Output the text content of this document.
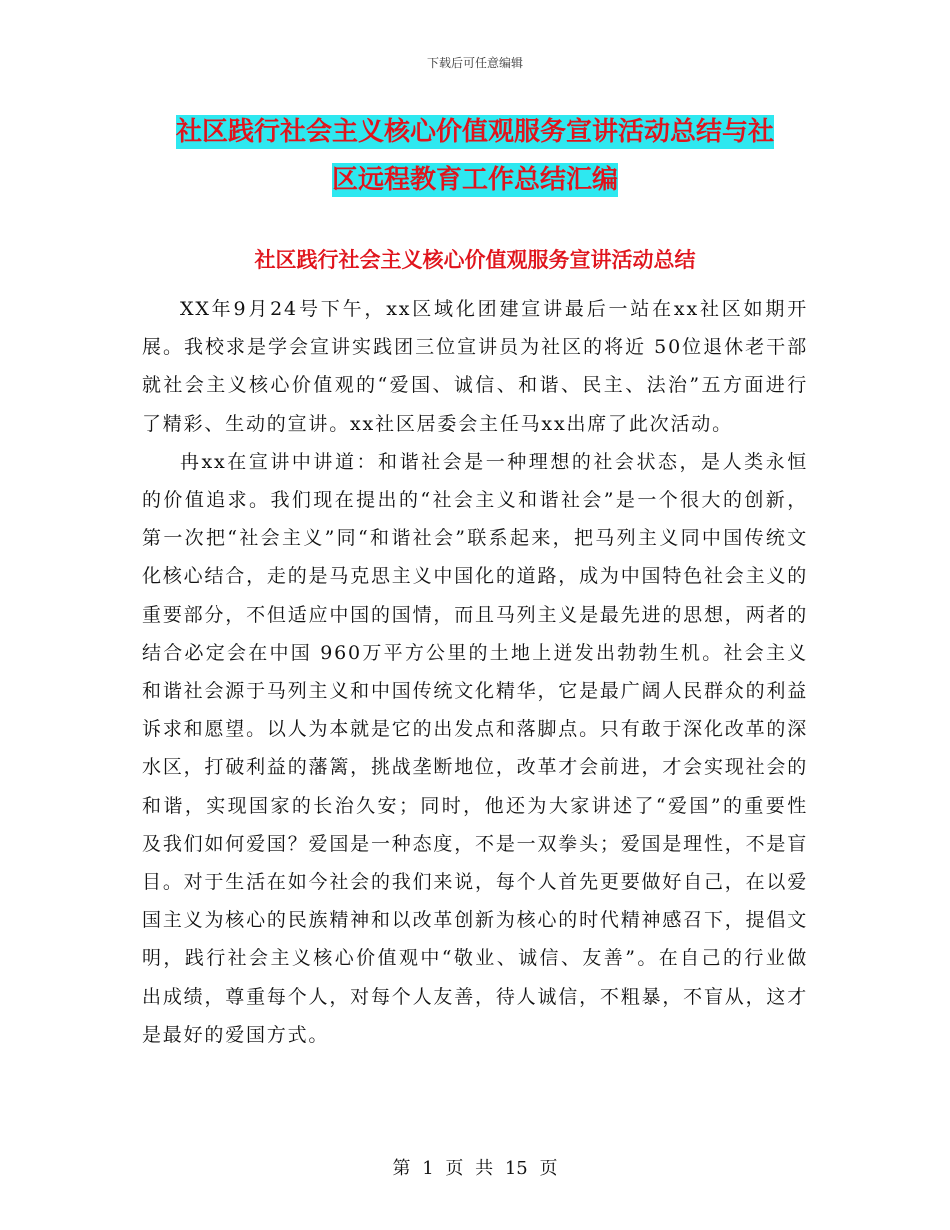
下载后可任意编辑
社区践行社会主义核心价值观服务宣讲活动总结与社
区远程教育工作总结汇编
社区践行社会主义核心价值观服务宣讲活动总结

XX年9月24号下午，xx区域化团建宣讲最后一站在xx社区如期开展。我校求是学会宣讲实践团三位宣讲员为社区的将近 50位退休老干部就社会主义核心价值观的“爱国、诚信、和谐、民主、法治”五方面进行了精彩、生动的宣讲。xx社区居委会主任马xx出席了此次活动。

冉xx在宣讲中讲道：和谐社会是一种理想的社会状态，是人类永恒的价值追求。我们现在提出的“社会主义和谐社会”是一个很大的创新，第一次把“社会主义”同“和谐社会”联系起来，把马列主义同中国传统文化核心结合，走的是马克思主义中国化的道路，成为中国特色社会主义的重要部分，不但适应中国的国情，而且马列主义是最先进的思想，两者的结合必定会在中国 960万平方公里的土地上迸发出勃勃生机。社会主义和谐社会源于马列主义和中国传统文化精华，它是最广阔人民群众的利益诉求和愿望。以人为本就是它的出发点和落脚点。只有敢于深化改革的深水区，打破利益的藩篱，挑战垄断地位，改革才会前进，才会实现社会的和谐，实现国家的长治久安；同时，他还为大家讲述了“爱国”的重要性及我们如何爱国？爱国是一种态度，不是一双拳头；爱国是理性，不是盲目。对于生活在如今社会的我们来说，每个人首先更要做好自己，在以爱国主义为核心的民族精神和以改革创新为核心的时代精神感召下，提倡文明，践行社会主义核心价值观中“敬业、诚信、友善”。在自己的行业做出成绩，尊重每个人，对每个人友善，待人诚信，不粗暴，不盲从，这才是最好的爱国方式。

第 1 页 共 15 页
